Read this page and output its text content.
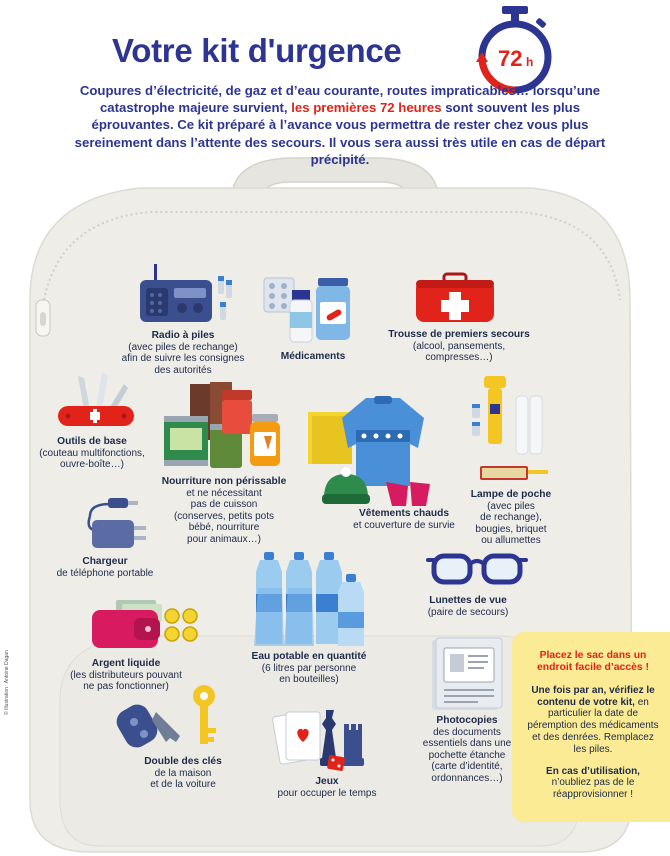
Votre kit d'urgence	72 h
Coupures d’électricité, de gaz et d’eau courante, routes impraticables… lorsqu’une catastrophe majeure survient, les premières 72 heures sont souvent les plus éprouvantes. Ce kit préparé à l’avance vous permettra de rester chez vous plus sereinement dans l’attente des secours. Il vous sera aussi très utile en cas de départ précipité.
Radio à piles
(avec piles de rechange)
afin de suivre les consignes
des autorités
Médicaments
Trousse de premiers secours
(alcool, pansements,
compresses…)
Outils de base
(couteau multifonctions,
ouvre-boîte…)
Nourriture non périssable
et ne nécessitant
pas de cuisson
(conserves, petits pots
bébé, nourriture
pour animaux…)
Vêtements chauds
et couverture de survie
Lampe de poche
(avec piles
de rechange),
bougies, briquet
ou allumettes
Chargeur
de téléphone portable
Eau potable en quantité
(6 litres par personne
en bouteilles)
Lunettes de vue
(paire de secours)
Argent liquide
(les distributeurs pouvant
ne pas fonctionner)
Photocopies
des documents
essentiels dans une
pochette étanche
(carte d’identité,
ordonnances…)
Double des clés
de la maison
et de la voiture	Jeux
pour occuper le temps
Placez le sac dans un endroit facile d’accès !
Une fois par an, vérifiez le contenu de votre kit, en particulier la date de péremption des médicaments et des denrées. Remplacez les piles.
En cas d’utilisation, n’oubliez pas de le réapprovisionner !
© Illustration : Antoine Dagan
